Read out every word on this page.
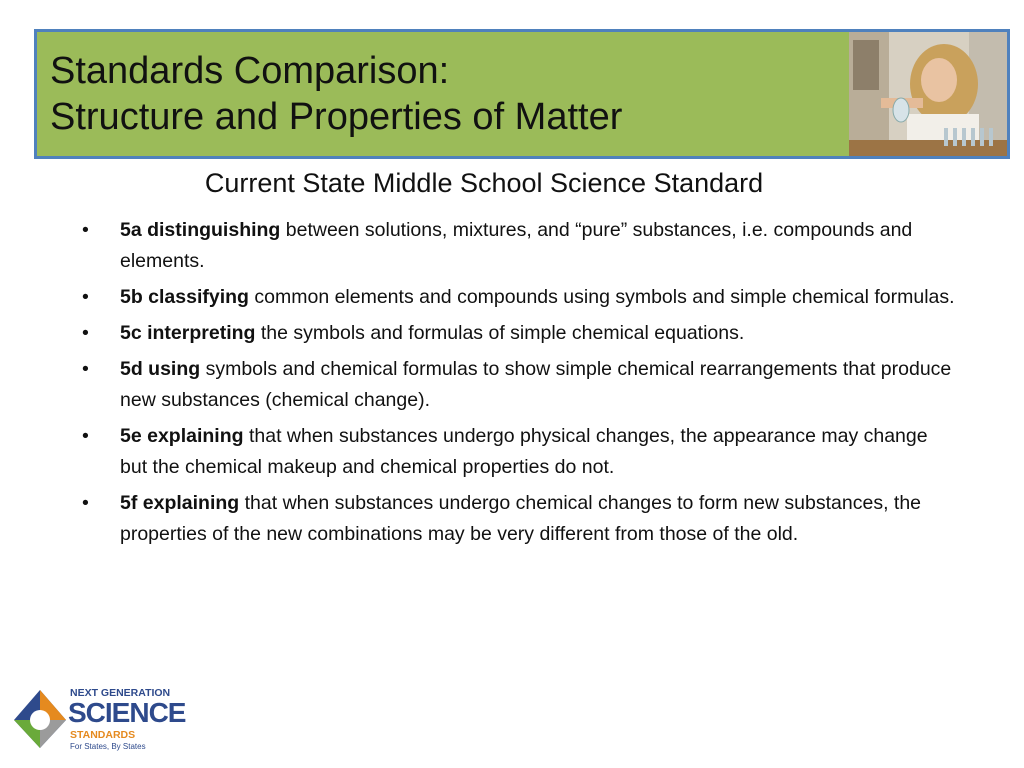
Standards Comparison:
Structure and Properties of Matter
Current State Middle School Science Standard
• 5a distinguishing between solutions, mixtures, and “pure” substances, i.e. compounds and elements.
• 5b classifying common elements and compounds using symbols and simple chemical formulas.
• 5c interpreting the symbols and formulas of simple chemical equations.
• 5d using symbols and chemical formulas to show simple chemical rearrangements that produce new substances (chemical change).
• 5e explaining that when substances undergo physical changes, the appearance may change but the chemical makeup and chemical properties do not.
• 5f explaining that when substances undergo chemical changes to form new substances, the properties of the new combinations may be very different from those of the old.
NEXT GENERATION
SCIENCE
STANDARDS
For States, By States
